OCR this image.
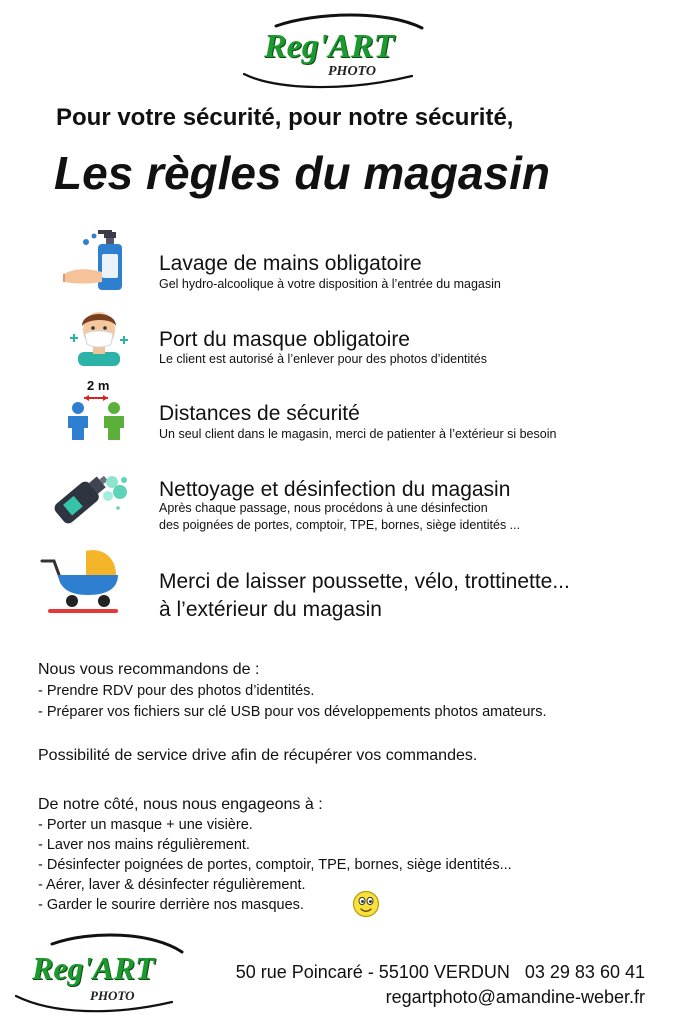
Reg'ART
PHOTO
Pour votre sécurité, pour notre sécurité,
Les règles du magasin
Lavage de mains obligatoire
Gel hydro-alcoolique à votre disposition à l’entrée du magasin
Port du masque obligatoire
Le client est autorisé à l’enlever pour des photos d’identités
2 m
Distances de sécurité
Un seul client dans le magasin, merci de patienter à l’extérieur si besoin
Nettoyage et désinfection du magasin
Après chaque passage, nous procédons à une désinfection
des poignées de portes, comptoir, TPE, bornes, siège identités ...
Merci de laisser poussette, vélo, trottinette...
à l’extérieur du magasin
Nous vous recommandons de :
- Prendre RDV pour des photos d’identités.
- Préparer vos fichiers sur clé USB pour vos développements photos amateurs.
Possibilité de service drive afin de récupérer vos commandes.
De notre côté, nous nous engageons à :
- Porter un masque + une visière.
- Laver nos mains régulièrement.
- Désinfecter poignées de portes, comptoir, TPE, bornes, siège identités...
- Aérer, laver & désinfecter régulièrement.
- Garder le sourire derrière nos masques.
Reg'ART
PHOTO
50 rue Poincaré - 55100 VERDUN   03 29 83 60 41
regartphoto@amandine-weber.fr
